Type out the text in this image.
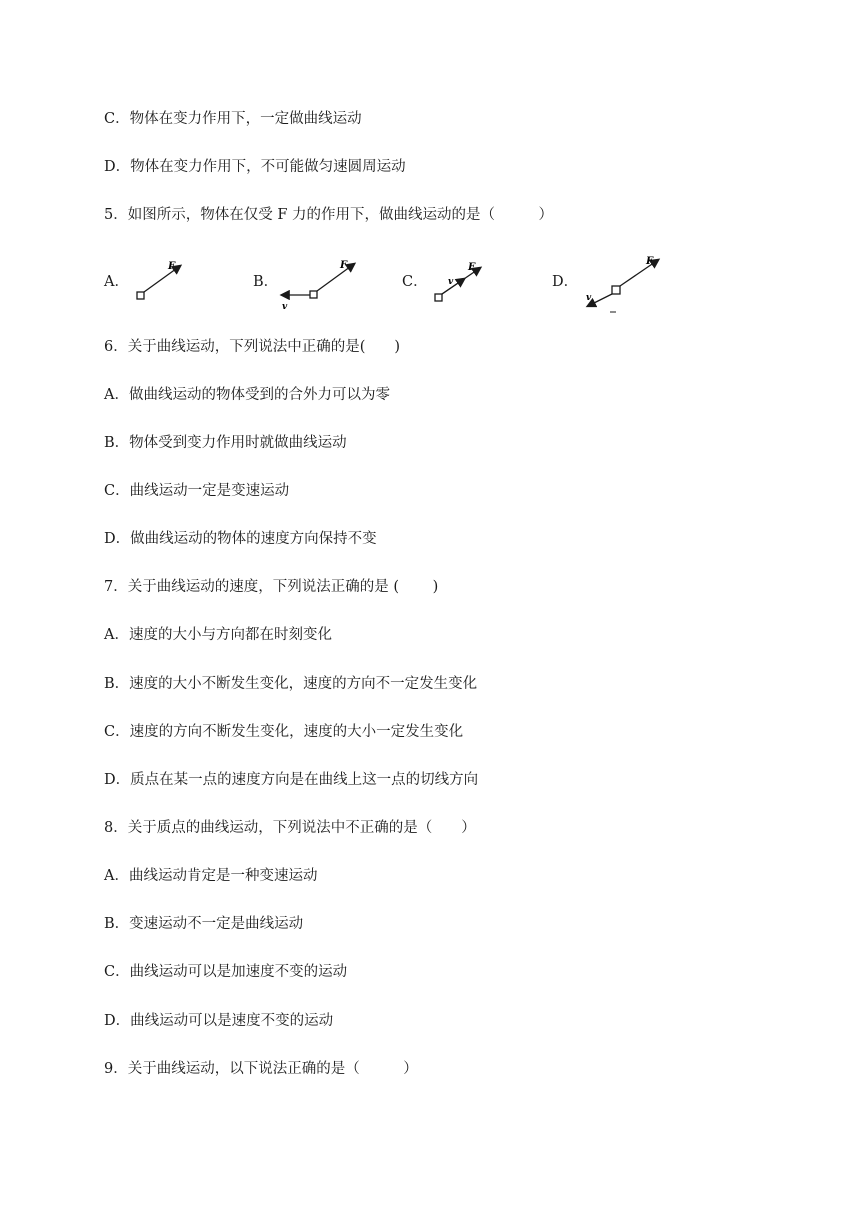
C．物体在变力作用下，一定做曲线运动
D．物体在变力作用下，不可能做匀速圆周运动
5．如图所示，物体在仅受 F 力的作用下，做曲线运动的是（　　　）
A．
F
B．
F
v
C．
F
v	D．
F
v
6．关于曲线运动，下列说法中正确的是(　　)
A．做曲线运动的物体受到的合外力可以为零
B．物体受到变力作用时就做曲线运动
C．曲线运动一定是变速运动
D．做曲线运动的物体的速度方向保持不变
7．关于曲线运动的速度，下列说法正确的是 (　　 )
A．速度的大小与方向都在时刻变化
B．速度的大小不断发生变化，速度的方向不一定发生变化
C．速度的方向不断发生变化，速度的大小一定发生变化
D．质点在某一点的速度方向是在曲线上这一点的切线方向
8．关于质点的曲线运动，下列说法中不正确的是（　　）
A．曲线运动肯定是一种变速运动
B．变速运动不一定是曲线运动
C．曲线运动可以是加速度不变的运动
D．曲线运动可以是速度不变的运动
9．关于曲线运动，以下说法正确的是（　　　）
